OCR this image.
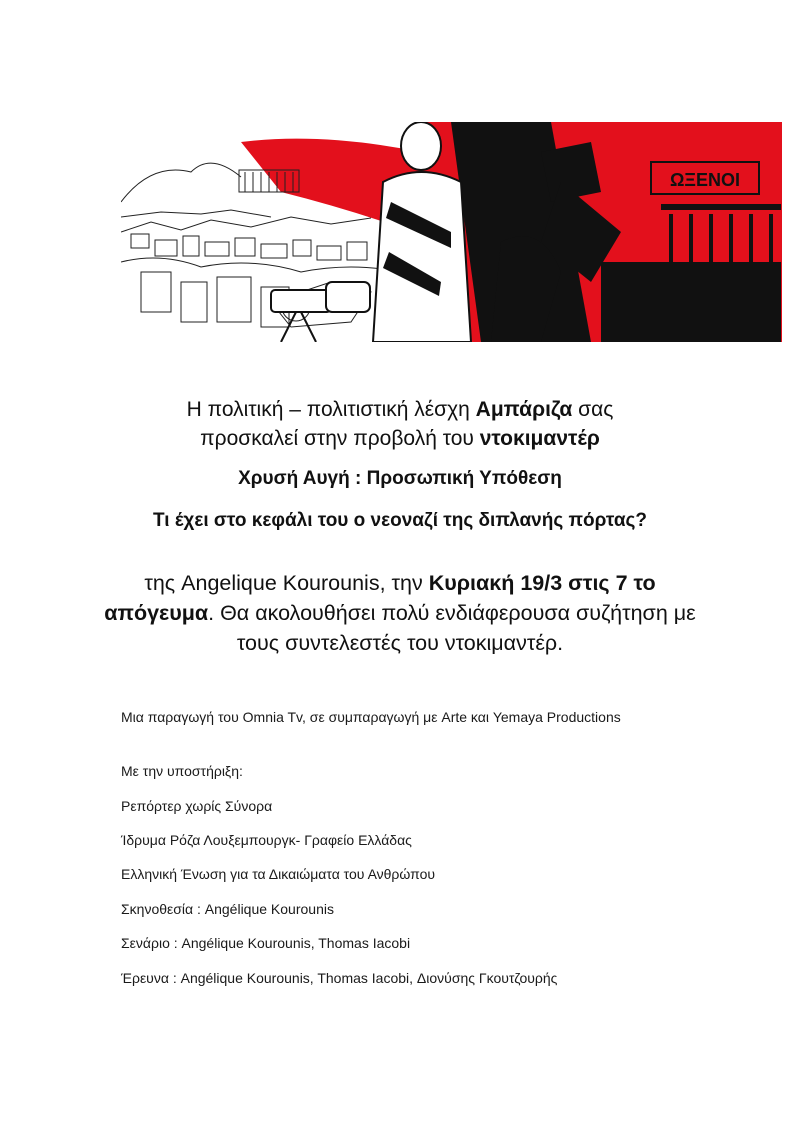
ΩΞΕΝΟΙ
Η πολιτική – πολιτιστική λέσχη Αμπάριζα σας
προσκαλεί στην προβολή του ντοκιμαντέρ
Χρυσή Αυγή : Προσωπική Υπόθεση
Τι έχει στο κεφάλι του ο νεοναζί της διπλανής πόρτας?
της Angelique Kourounis, την Κυριακή 19/3 στις 7 το απόγευμα. Θα ακολουθήσει πολύ ενδιάφερουσα συζήτηση με τους συντελεστές του ντοκιμαντέρ.
Μια παραγωγή του Omnia Tv, σε συμπαραγωγή με Arte και Yemaya Productions
Με την υποστήριξη:
Ρεπόρτερ χωρίς Σύνορα
Ίδρυμα Ρόζα Λουξεμπουργκ- Γραφείο Ελλάδας
Ελληνική Ένωση για τα Δικαιώματα του Ανθρώπου
Σκηνοθεσία : Angélique Kourounis
Σενάριο : Angélique Kourounis, Thomas Iacobi
Έρευνα : Angélique Kourounis, Thomas Iacobi, Διονύσης Γκουτζουρής
